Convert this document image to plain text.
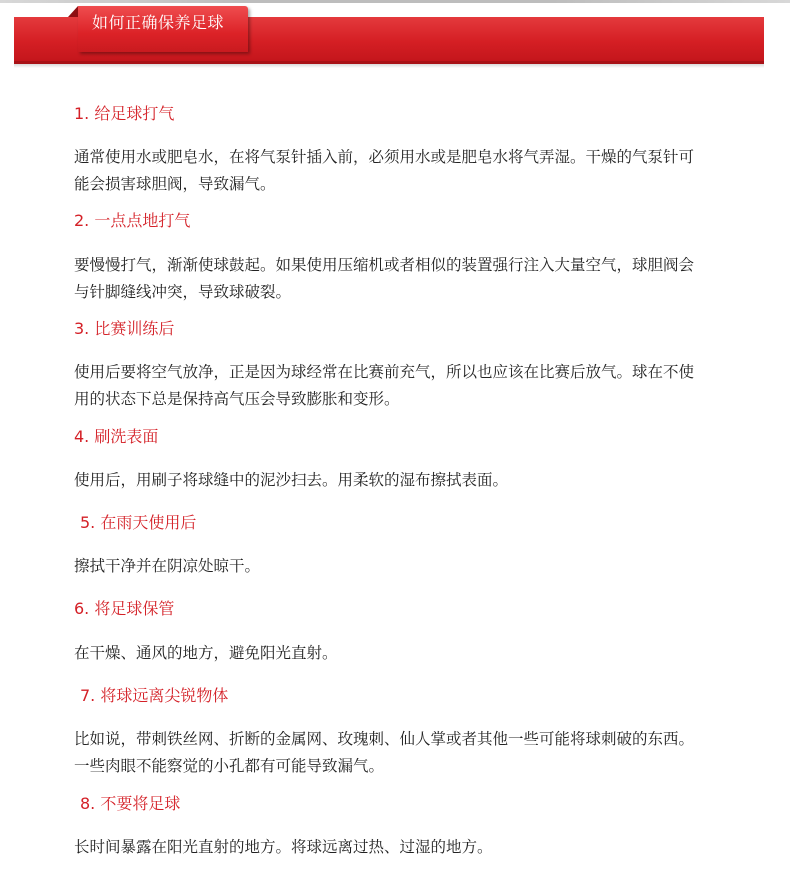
如何正确保养足球
1. 给足球打气
通常使用水或肥皂水，在将气泵针插入前，必须用水或是肥皂水将气弄湿。干燥的气泵针可能会损害球胆阀，导致漏气。
2. 一点点地打气
要慢慢打气，渐渐使球鼓起。如果使用压缩机或者相似的装置强行注入大量空气，球胆阀会与针脚缝线冲突，导致球破裂。
3. 比赛训练后
使用后要将空气放净，正是因为球经常在比赛前充气，所以也应该在比赛后放气。球在不使用的状态下总是保持高气压会导致膨胀和变形。
4. 刷洗表面
使用后，用刷子将球缝中的泥沙扫去。用柔软的湿布擦拭表面。
5. 在雨天使用后
擦拭干净并在阴凉处晾干。
6. 将足球保管
在干燥、通风的地方，避免阳光直射。
7. 将球远离尖锐物体
比如说，带刺铁丝网、折断的金属网、玫瑰刺、仙人掌或者其他一些可能将球刺破的东西。一些肉眼不能察觉的小孔都有可能导致漏气。
8. 不要将足球
长时间暴露在阳光直射的地方。将球远离过热、过湿的地方。
